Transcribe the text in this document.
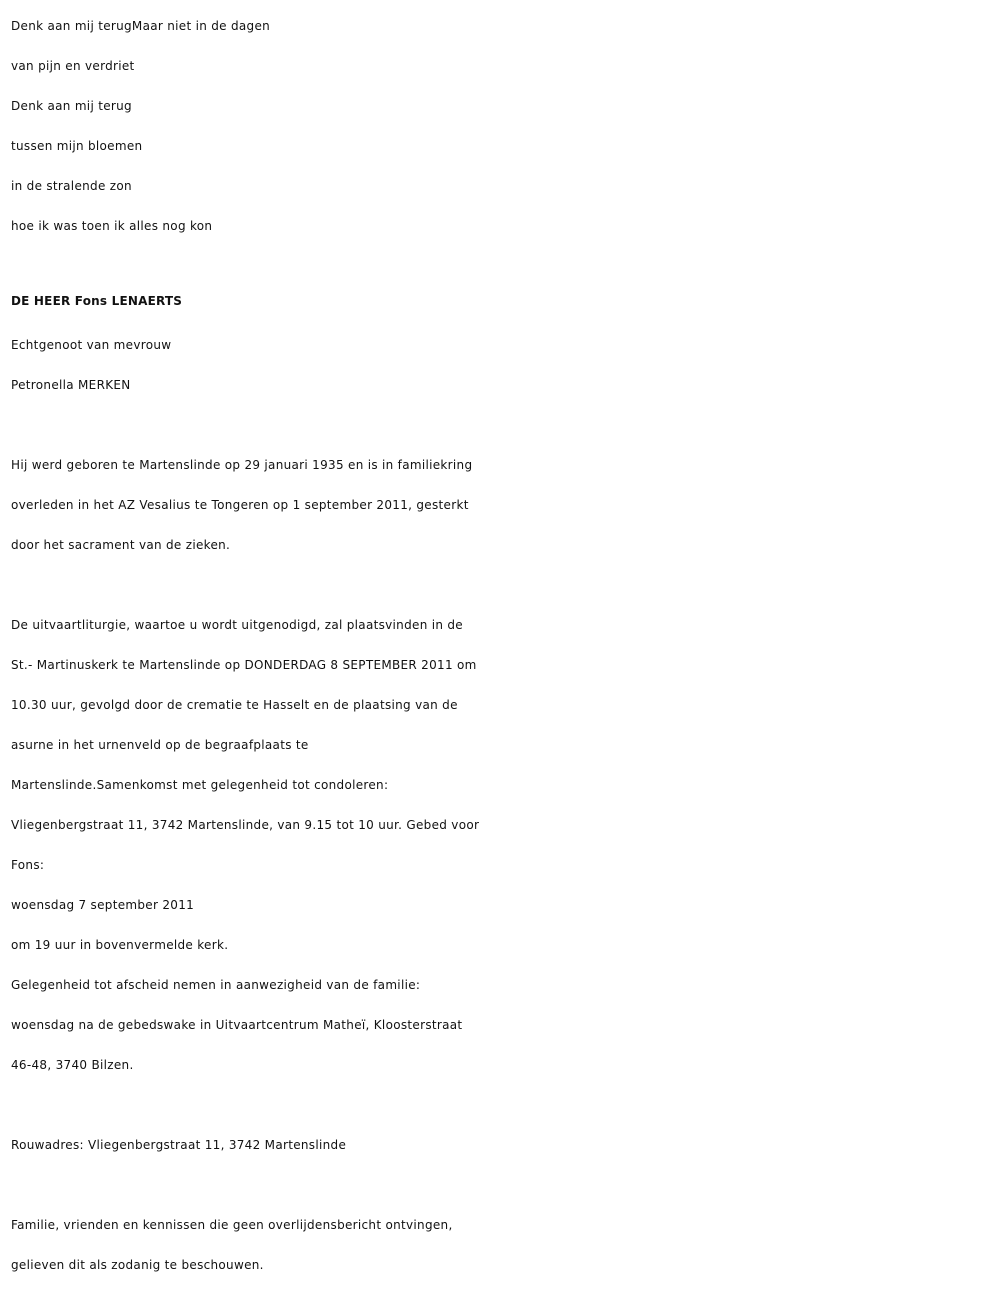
Denk aan mij terugMaar niet in de dagen
van pijn en verdriet
Denk aan mij terug
tussen mijn bloemen
in de stralende zon
hoe ik was toen ik alles nog kon
DE HEER Fons LENAERTS
Echtgenoot van mevrouw
Petronella MERKEN
Hij werd geboren te Martenslinde op 29 januari 1935 en is in familiekring
overleden in het AZ Vesalius te Tongeren op 1 september 2011, gesterkt
door het sacrament van de zieken.
De uitvaartliturgie, waartoe u wordt uitgenodigd, zal plaatsvinden in de
St.- Martinuskerk te Martenslinde op DONDERDAG 8 SEPTEMBER 2011 om
10.30 uur, gevolgd door de crematie te Hasselt en de plaatsing van de
asurne in het urnenveld op de begraafplaats te
Martenslinde.Samenkomst met gelegenheid tot condoleren:
Vliegenbergstraat 11, 3742 Martenslinde, van 9.15 tot 10 uur. Gebed voor
Fons:
woensdag 7 september 2011
om 19 uur in bovenvermelde kerk.
Gelegenheid tot afscheid nemen in aanwezigheid van de familie:
woensdag na de gebedswake in Uitvaartcentrum Matheï, Kloosterstraat
46-48, 3740 Bilzen.
Rouwadres: Vliegenbergstraat 11, 3742 Martenslinde
Familie, vrienden en kennissen die geen overlijdensbericht ontvingen,
gelieven dit als zodanig te beschouwen.
